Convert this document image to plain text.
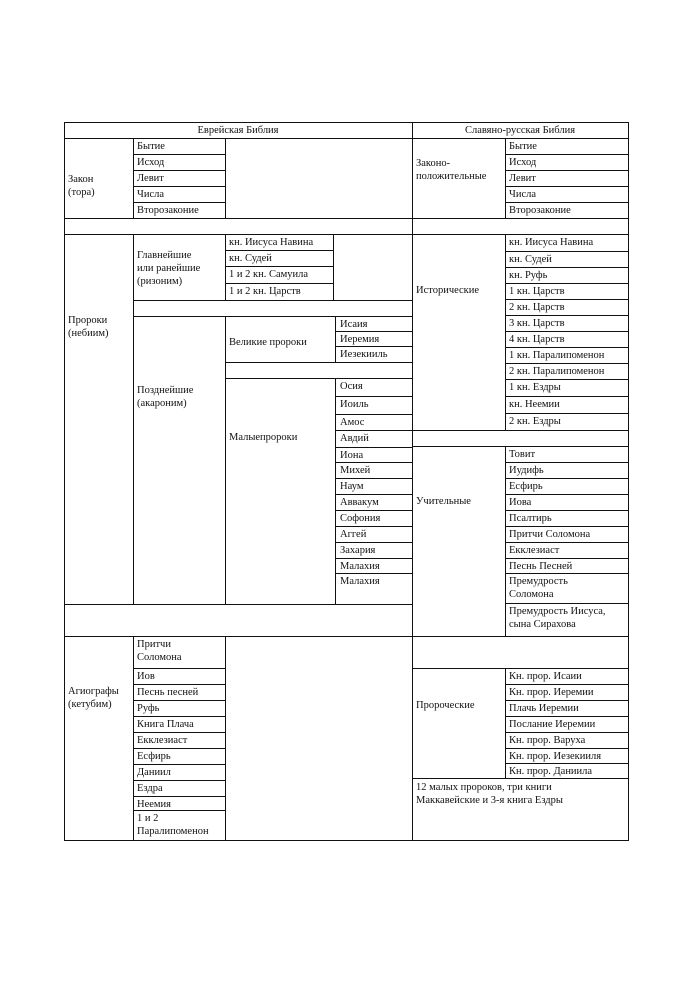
Еврейская Библия	Славяно-русская Библия
Закон
(тора)
Бытие
Исход
Левит
Числа
Второзаконие
Пророки
(небиим)
Главнейшие
или ранейшие
(ризоним)
кн. Иисуса Навина
кн. Судей
1 и 2 кн. Самуила
1 и 2 кн. Царств
Позднейшие
(акароним)
Великие пророки
Исаия
Иеремия
Иезекииль
Малыепророки
Осия
Иоиль
Амос
Авдий
Иона
Михей
Наум
Аввакум
Софония
Аггей
Захария
Малахия
Малахия
Агиографы
(кетубим)
Притчи
Соломона
Иов
Песнь песней
Руфь
Книга Плача
Екклезиаст
Есфирь
Даниил
Ездра
Неемия
1 и 2
Паралипоменон
Законо-
положительные
Бытие
Исход
Левит
Числа
Второзаконие
Исторические
кн. Иисуса Навина
кн. Судей
кн. Руфь
1 кн. Царств
2 кн. Царств
3 кн. Царств
4 кн. Царств
1 кн. Паралипоменон
2 кн. Паралипоменон
1 кн. Ездры
кн. Неемии
2 кн. Ездры
Учительные
Товит
Иудифь
Есфирь
Иова
Псалтирь
Притчи Соломона
Екклезиаст
Песнь Песней
Премудрость
Соломона
Премудрость Иисуса,
сына Сирахова
Пророческие
Кн. прор. Исаии
Кн. прор. Иеремии
Плачь Иеремии
Послание Иеремии
Кн. прор. Варуха
Кн. прор. Иезекииля
Кн. прор. Даниила
12 малых пророков, три книги
Маккавейские и 3-я книга Ездры
